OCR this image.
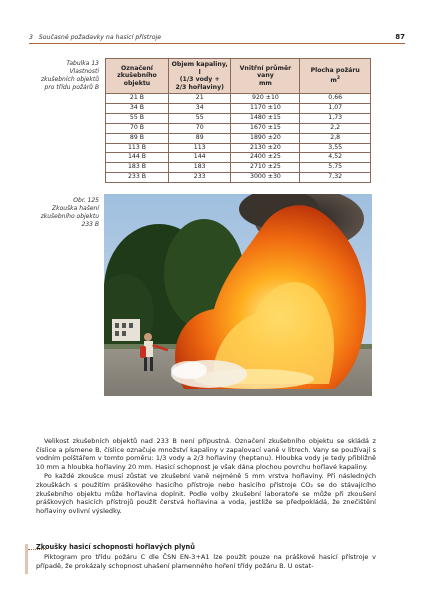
3 Současné požadavky na hasicí přístroje	87
Tabulka 13
Vlastnosti
zkušebních objektů
pro třídu požárů B
Označení
zkušebního
objektu	Objem kapaliny, l
(1/3 vody +
2/3 hořlaviny)	Vnitřní průměr
vany
mm	Plocha požáru
$m^2$
21 B	21	920 ±10	0,66
34 B	34	1170 ±10	1,07
55 B	55	1480 ±15	1,73
70 B	70	1670 ±15	2,2
89 B	89	1890 ±20	2,8
113 B	113	2130 ±20	3,55
144 B	144	2400 ±25	4,52
183 B	183	2710 ±25	5,75
233 B	233	3000 ±30	7,32
Obr. 125
Zkouška hašení
zkušebního objektu
233 B

Velikost zkušebních objektů nad 233 B není přípustná. Označení zkušebního objektu se skládá z číslice a písmene B, číslice označuje množství kapaliny v zapalovací vaně v litrech. Vany se používají s vodním polštářem v tomto poměru: 1/3 vody a 2/3 hořlaviny (heptanu). Hloubka vody je tedy přibližně 10 mm a hloubka hořlaviny 20 mm. Hasicí schopnost je však dána plochou povrchu hořlavé kapaliny.

Po každé zkoušce musí zůstat ve zkušební vaně nejméně 5 mm vrstva hořlaviny. Při následných zkouškách s použitím práškového hasicího přístroje nebo hasicího přístroje CO₂ se do stávajícího zkušebního objektu může hořlavina doplnit. Podle volby zkušební laboratoře se může při zkoušení práškových hasicích přístrojů použít čerstvá hořlavina a voda, jestliže se předpokládá, že znečištění hořlaviny ovlivní výsledky.

Zkoušky hasicí schopnosti hořlavých plynů

Piktogram pro třídu požáru C dle ČSN EN-3+A1 lze použít pouze na práškové hasicí přístroje v případě, že prokázaly schopnost uhašení plamenného hoření třídy požáru B. U ostat-
